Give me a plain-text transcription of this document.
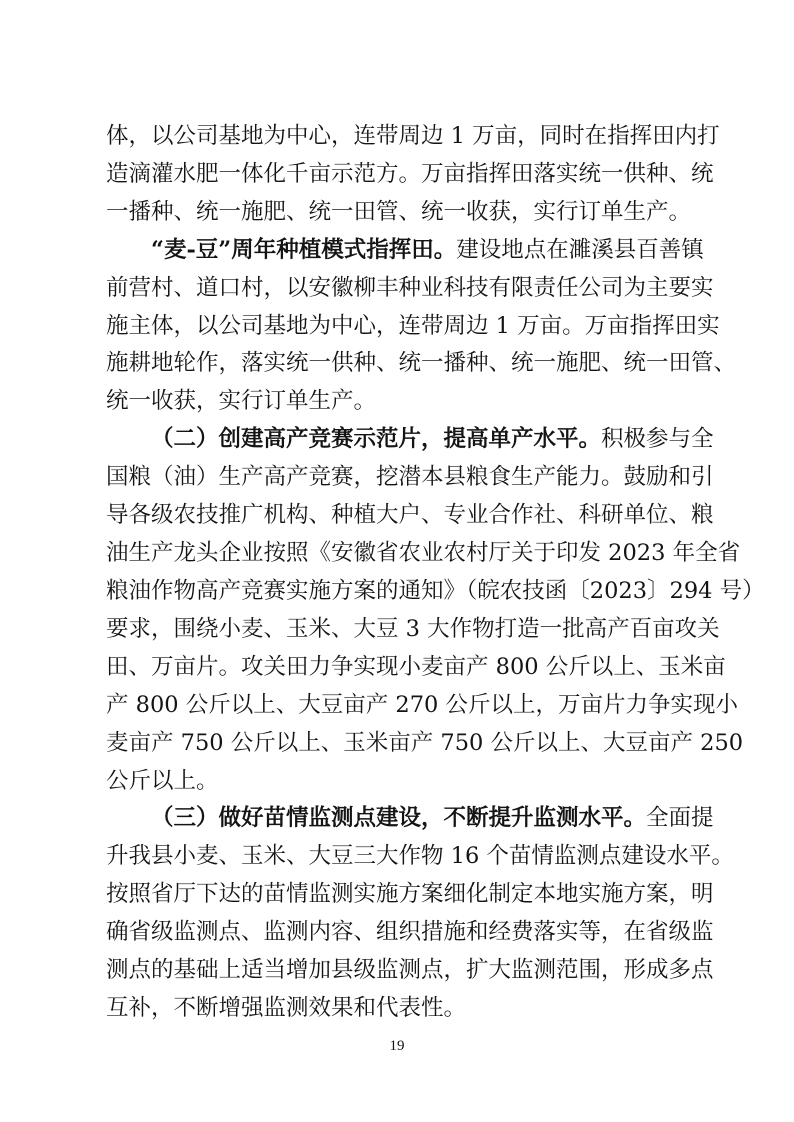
体，以公司基地为中心，连带周边 1 万亩，同时在指挥田内打
造滴灌水肥一体化千亩示范方。万亩指挥田落实统一供种、统
一播种、统一施肥、统一田管、统一收获，实行订单生产。
“麦-豆”周年种植模式指挥田。建设地点在濉溪县百善镇
前营村、道口村，以安徽柳丰种业科技有限责任公司为主要实
施主体，以公司基地为中心，连带周边 1 万亩。万亩指挥田实
施耕地轮作，落实统一供种、统一播种、统一施肥、统一田管、
统一收获，实行订单生产。
（二）创建高产竞赛示范片，提高单产水平。积极参与全
国粮（油）生产高产竞赛，挖潜本县粮食生产能力。鼓励和引
导各级农技推广机构、种植大户、专业合作社、科研单位、粮
油生产龙头企业按照《安徽省农业农村厅关于印发 2023 年全省
粮油作物高产竞赛实施方案的通知》（皖农技函〔2023〕294 号）
要求，围绕小麦、玉米、大豆 3 大作物打造一批高产百亩攻关
田、万亩片。攻关田力争实现小麦亩产 800 公斤以上、玉米亩
产 800 公斤以上、大豆亩产 270 公斤以上，万亩片力争实现小
麦亩产 750 公斤以上、玉米亩产 750 公斤以上、大豆亩产 250
公斤以上。
（三）做好苗情监测点建设，不断提升监测水平。全面提
升我县小麦、玉米、大豆三大作物 16 个苗情监测点建设水平。
按照省厅下达的苗情监测实施方案细化制定本地实施方案，明
确省级监测点、监测内容、组织措施和经费落实等，在省级监
测点的基础上适当增加县级监测点，扩大监测范围，形成多点
互补，不断增强监测效果和代表性。
19
